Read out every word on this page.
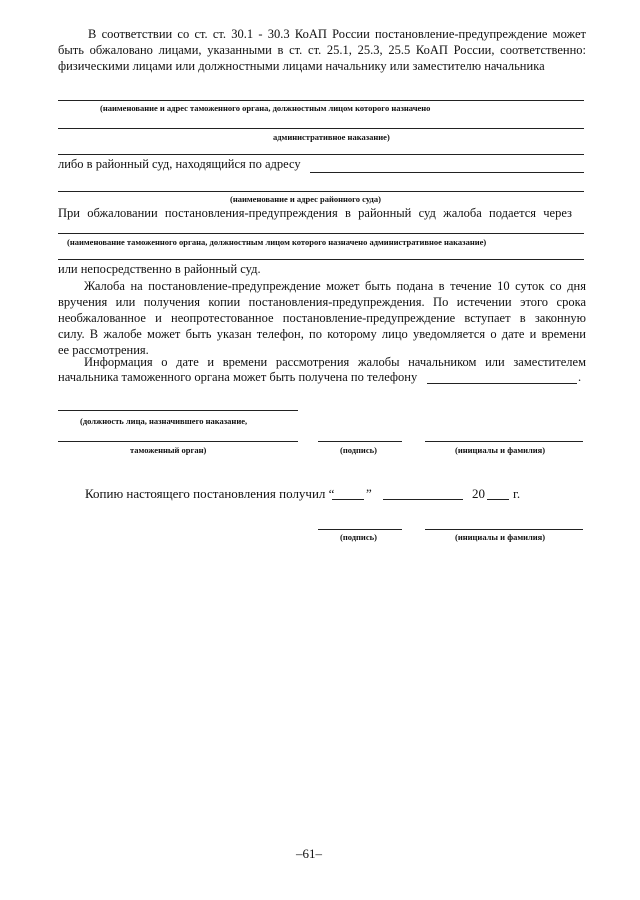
В соответствии со ст. ст. 30.1 - 30.3 КоАП России постановление-предупреждение может
быть обжаловано лицами, указанными в ст. ст. 25.1, 25.3, 25.5 КоАП России, соответственно:
физическими лицами или должностными лицами начальнику или заместителю начальника
(наименование и адрес таможенного органа, должностным лицом которого назначено
административное наказание)
либо в районный суд, находящийся по адресу
(наименование и адрес районного суда)
При обжаловании постановления-предупреждения в районный суд жалоба подается через
(наименование таможенного органа, должностным лицом которого назначено административное наказание)
или непосредственно в районный суд.
Жалоба на постановление-предупреждение может быть подана в течение 10 суток со дня
вручения или получения копии постановления-предупреждения. По истечении этого срока
необжалованное и неопротестованное постановление-предупреждение вступает в законную
силу. В жалобе может быть указан телефон, по которому лицо уведомляется о дате и времени
ее рассмотрения.
Информация о дате и времени рассмотрения жалобы начальником или заместителем
начальника таможенного органа может быть получена по телефону	.
(должность лица, назначившего наказание,
таможенный орган)	(подпись)	(инициалы и фамилия)
Копию настоящего постановления получил “ ”	20 г.
(подпись)	(инициалы и фамилия)
–61–
